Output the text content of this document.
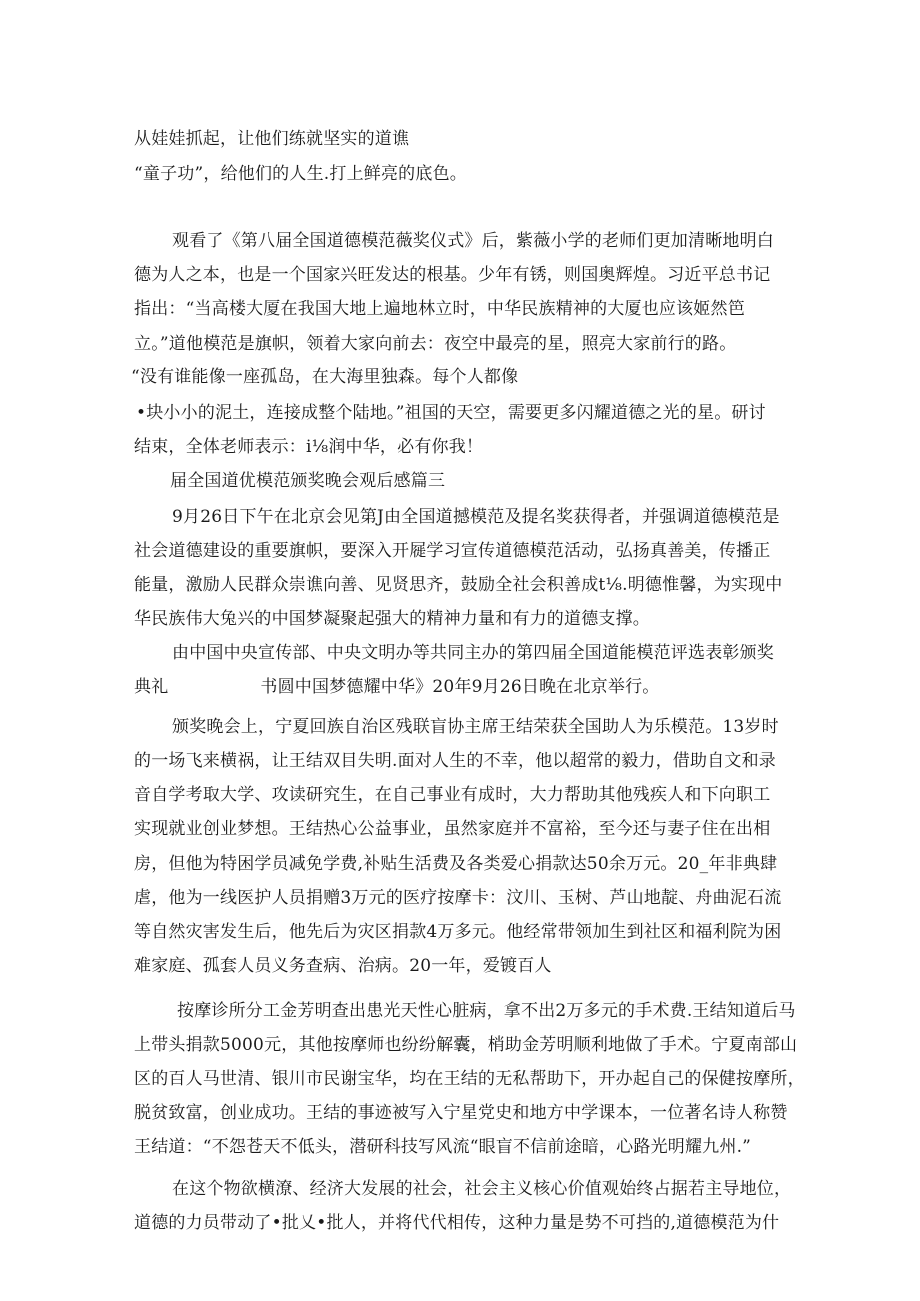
从娃娃抓起，让他们练就坚实的道谯
“童子功”，给他们的人生.打上鲜亮的底色。
观看了《第八届全国道德模范薇奖仪式》后，紫薇小学的老师们更加清晰地明白
德为人之本，也是一个国家兴旺发达的根基。少年有锈，则国奥辉煌。习近平总书记
指出：“当高楼大厦在我国大地上遍地林立时，中华民族精神的大厦也应该姬然笆
立。”道他模范是旗帜，领着大家向前去：夜空中最亮的星，照亮大家前行的路。
“没有谁能像一座孤岛，在大海里独森。每个人都像
•块小小的泥土，连接成整个陆地。”祖国的天空，需要更多闪耀道德之光的星。研讨
结束，全体老师表示：i⅛润中华，必有你我！
届全国道优模范颁奖晚会观后感篇三
9月26日下午在北京会见第J由全国道撼模范及提名奖获得者，并强调道德模范是
社会道德建设的重要旗帜，要深入开屣学习宣传道德模范活动，弘扬真善美，传播正
能量，激励人民群众崇谯向善、见贤思齐，鼓励全社会积善成t⅛.明德惟馨，为实现中
华民族伟大兔兴的中国梦凝聚起强大的精神力量和有力的道德支撑。
由中国中央宣传部、中央文明办等共同主办的第四届全国道能模范评选表彰颁奖
典礼	书圆中国梦德耀中华》20年9月26日晚在北京举行。
颁奖晚会上，宁夏回族自治区残联盲协主席王结荣获全国助人为乐模范。13岁时
的一场飞来横祸，让王结双目失明.面对人生的不幸，他以超常的毅力，借助自文和录
音自学考取大学、攻读研究生，在自己事业有成时，大力帮助其他残疾人和下向职工
实现就业创业梦想。王结热心公益事业，虽然家庭并不富裕，至今还与妻子住在出相
房，但他为特困学员减免学费,补贴生活费及各类爱心捐款达50余万元。20_年非典肆
虐，他为一线医护人员捐赠3万元的医疗按摩卡：汶川、玉树、芦山地靛、舟曲泥石流
等自然灾害发生后，他先后为灾区捐款4万多元。他经常带领加生到社区和福利院为困
难家庭、孤套人员义务查病、治病。20一年，爱镀百人
按摩诊所分工金芳明查出患光天性心脏病，拿不出2万多元的手术费.王结知道后马
上带头捐款5000元，其他按摩师也纷纷解囊，梢助金芳明顺利地做了手术。宁夏南部山
区的百人马世清、银川市民谢宝华，均在王结的无私帮助下，开办起自己的保健按摩所，
脱贫致富，创业成功。王结的事迹被写入宁星党史和地方中学课本，一位著名诗人称赞
王结道：“不怨苍天不低头，潜研科技写风流“眼盲不信前途暗，心路光明耀九州.”
在这个物欲横潦、经济大发展的社会，社会主义核心价值观始终占据若主导地位，
道德的力员带动了•批乂•批人，并将代代相传，这种力量是势不可挡的,道德模范为什
